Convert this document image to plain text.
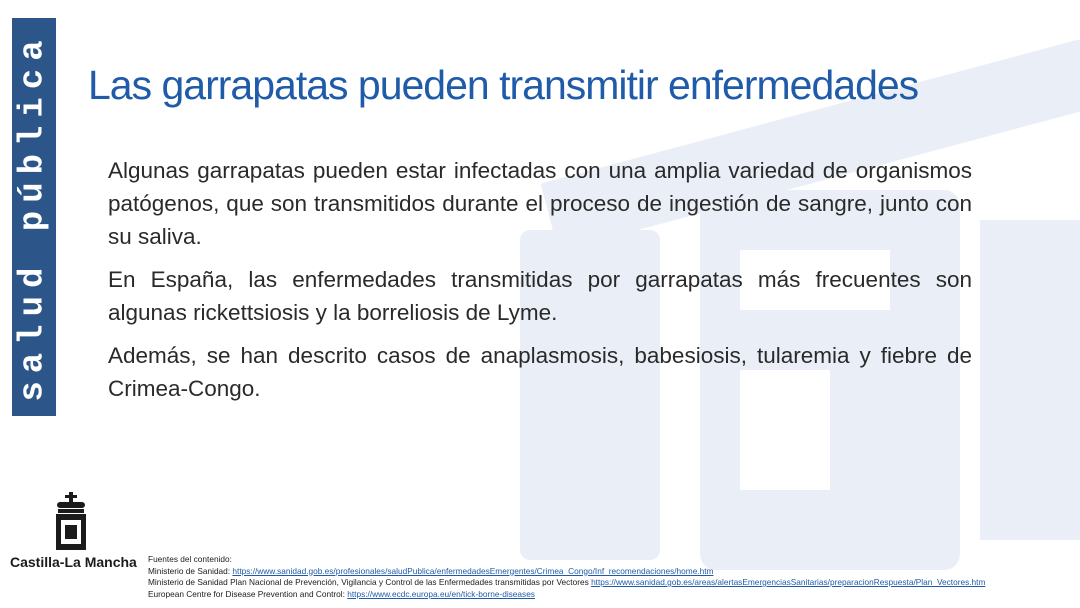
salud pública Las garrapatas pueden transmitir enfermedades

Algunas garrapatas pueden estar infectadas con una amplia variedad de organismos patógenos, que son transmitidos durante el proceso de ingestión de sangre, junto con su saliva.

En España, las enfermedades transmitidas por garrapatas más frecuentes son algunas rickettsiosis y la borreliosis de Lyme.

Además, se han descrito casos de anaplasmosis, babesiosis, tularemia y fiebre de Crimea-Congo.

Castilla-La Mancha Fuentes del contenido:
Ministerio de Sanidad: https://www.sanidad.gob.es/profesionales/saludPublica/enfermedadesEmergentes/Crimea_Congo/Inf_recomendaciones/home.htm
Ministerio de Sanidad Plan Nacional de Prevención, Vigilancia y Control de las Enfermedades transmitidas por Vectores https://www.sanidad.gob.es/areas/alertasEmergenciasSanitarias/preparacionRespuesta/Plan_Vectores.htm
European Centre for Disease Prevention and Control: https://www.ecdc.europa.eu/en/tick-borne-diseases
